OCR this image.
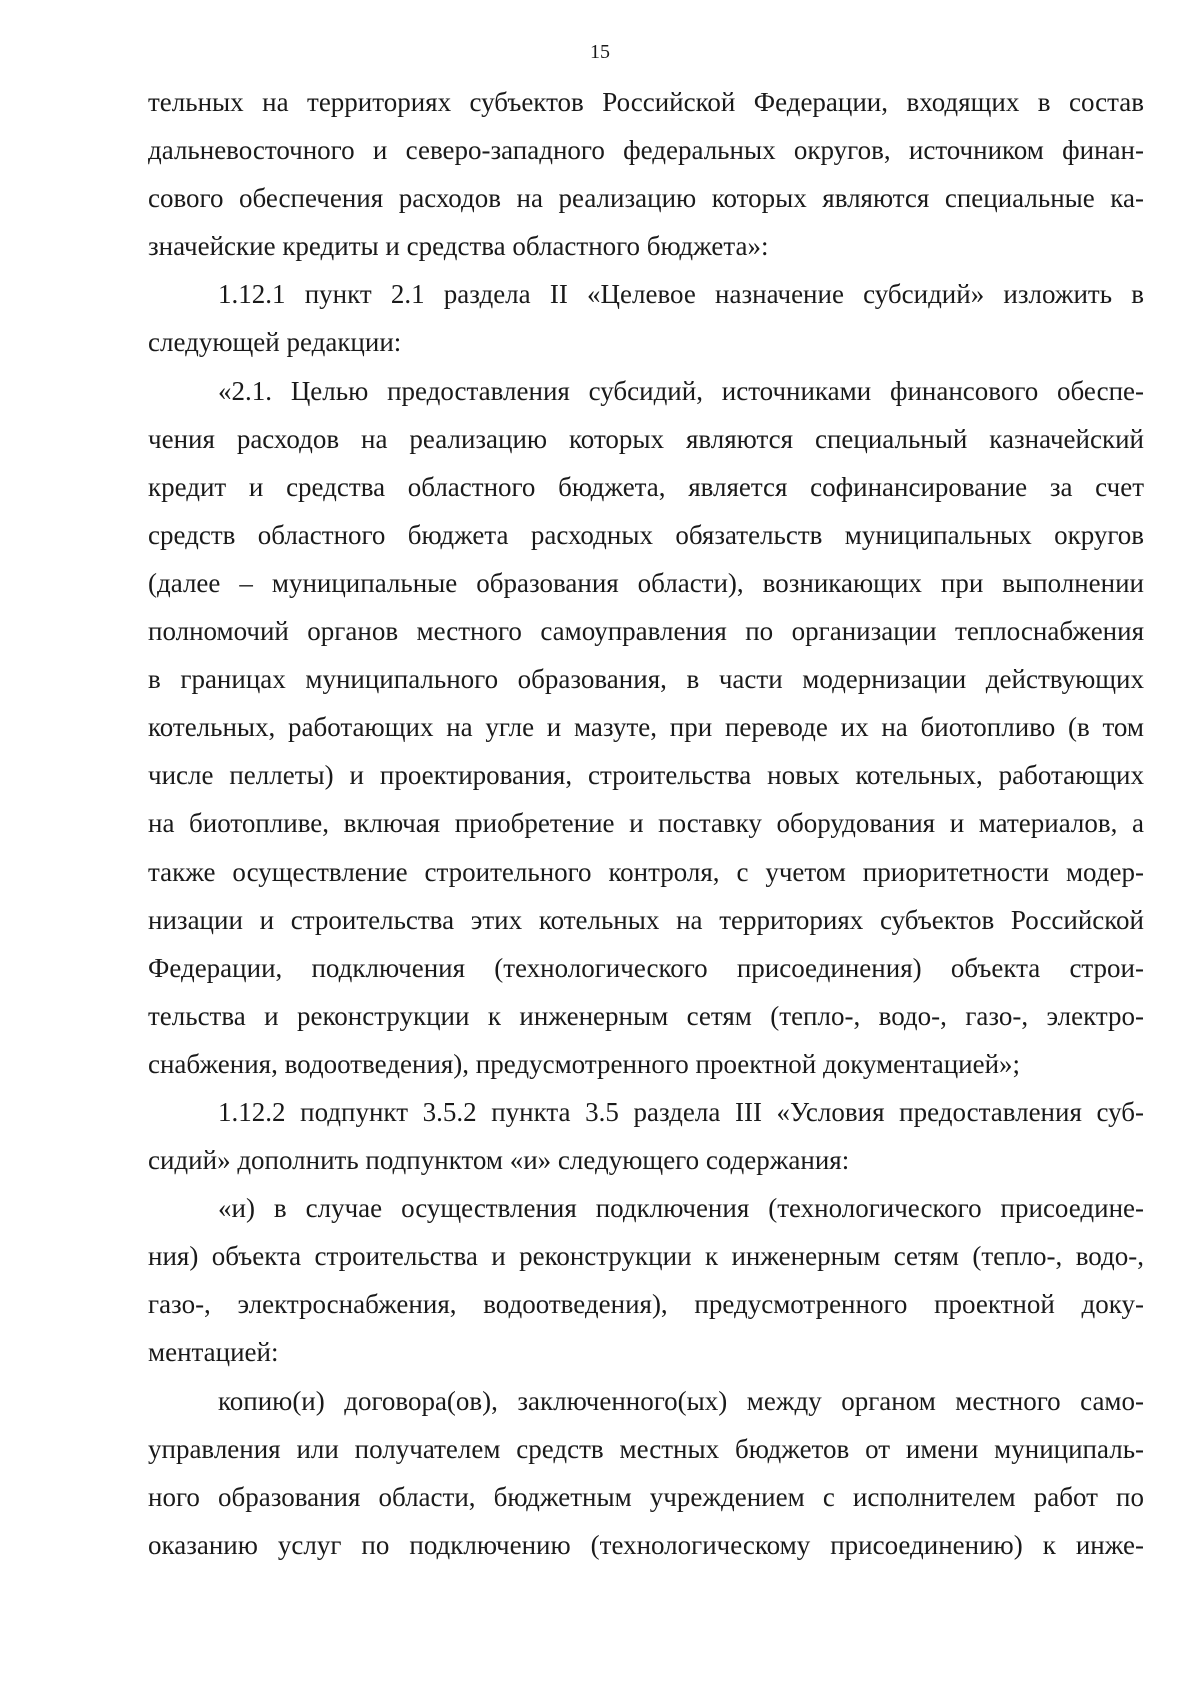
15
тельных на территориях субъектов Российской Федерации, входящих в состав
дальневосточного и северо-западного федеральных округов, источником финан-
сового обеспечения расходов на реализацию которых являются специальные ка-
значейские кредиты и средства областного бюджета»:
1.12.1 пункт 2.1 раздела II «Целевое назначение субсидий» изложить в
следующей редакции:
«2.1. Целью предоставления субсидий, источниками финансового обеспе-
чения расходов на реализацию которых являются специальный казначейский
кредит и средства областного бюджета, является софинансирование за счет
средств областного бюджета расходных обязательств муниципальных округов
(далее – муниципальные образования области), возникающих при выполнении
полномочий органов местного самоуправления по организации теплоснабжения
в границах муниципального образования, в части модернизации действующих
котельных, работающих на угле и мазуте, при переводе их на биотопливо (в том
числе пеллеты) и проектирования, строительства новых котельных, работающих
на биотопливе, включая приобретение и поставку оборудования и материалов, а
также осуществление строительного контроля, с учетом приоритетности модер-
низации и строительства этих котельных на территориях субъектов Российской
Федерации, подключения (технологического присоединения) объекта строи-
тельства и реконструкции к инженерным сетям (тепло-, водо-, газо-, электро-
снабжения, водоотведения), предусмотренного проектной документацией»;
1.12.2 подпункт 3.5.2 пункта 3.5 раздела III «Условия предоставления суб-
сидий» дополнить подпунктом «и» следующего содержания:
«и) в случае осуществления подключения (технологического присоедине-
ния) объекта строительства и реконструкции к инженерным сетям (тепло-, водо-,
газо-, электроснабжения, водоотведения), предусмотренного проектной доку-
ментацией:
копию(и) договора(ов), заключенного(ых) между органом местного само-
управления или получателем средств местных бюджетов от имени муниципаль-
ного образования области, бюджетным учреждением с исполнителем работ по
оказанию услуг по подключению (технологическому присоединению) к инже-
